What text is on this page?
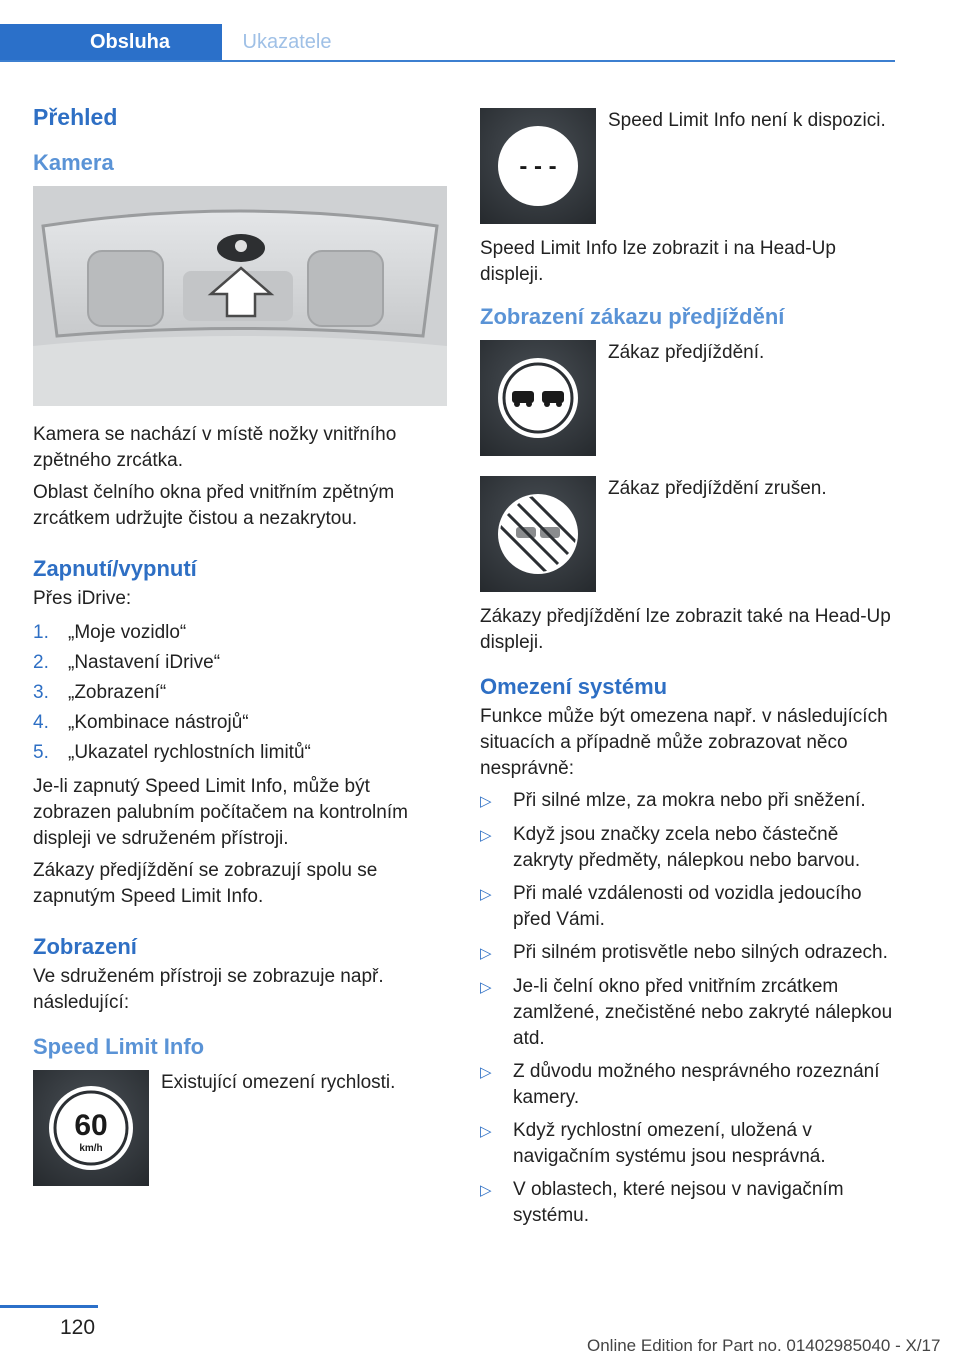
Obsluha	Ukazatele
Přehled
Kamera

Kamera se nachází v místě nožky vnitřního zpětného zrcátka.

Oblast čelního okna před vnitřním zpětným zrcátkem udržujte čistou a nezakrytou.

Zapnutí/vypnutí

Přes iDrive:

1.	„Moje vozidlo“
2.	„Nastavení iDrive“
3.	„Zobrazení“
4.	„Kombinace nástrojů“
5.	„Ukazatel rychlostních limitů“

Je-li zapnutý Speed Limit Info, může být zobrazen palubním počítačem na kontrolním displeji ve sdruženém přístroji.

Zákazy předjíždění se zobrazují spolu se zapnutým Speed Limit Info.

Zobrazení

Ve sdruženém přístroji se zobrazuje např. následující:

Speed Limit Info
60
km/h
Existující omezení rychlosti.
- - -
Speed Limit Info není k dispozici.

Speed Limit Info lze zobrazit i na Head-Up displeji.

Zobrazení zákazu předjíždění
Zákaz předjíždění.
Zákaz předjíždění zrušen.

Zákazy předjíždění lze zobrazit také na Head-Up displeji.

Omezení systému

Funkce může být omezena např. v následujících situacích a případně může zobrazovat něco nesprávně:

▷	Při silné mlze, za mokra nebo při sněžení.
▷	Když jsou značky zcela nebo částečně zakryty předměty, nálepkou nebo barvou.
▷	Při malé vzdálenosti od vozidla jedoucího před Vámi.
▷	Při silném protisvětle nebo silných odrazech.
▷	Je-li čelní okno před vnitřním zrcátkem zamlžené, znečistěné nebo zakryté nálepkou atd.
▷	Z důvodu možného nesprávného rozeznání kamery.
▷	Když rychlostní omezení, uložená v navigačním systému jsou nesprávná.
▷	V oblastech, které nejsou v navigačním systému.
120
Online Edition for Part no. 01402985040 - X/17
